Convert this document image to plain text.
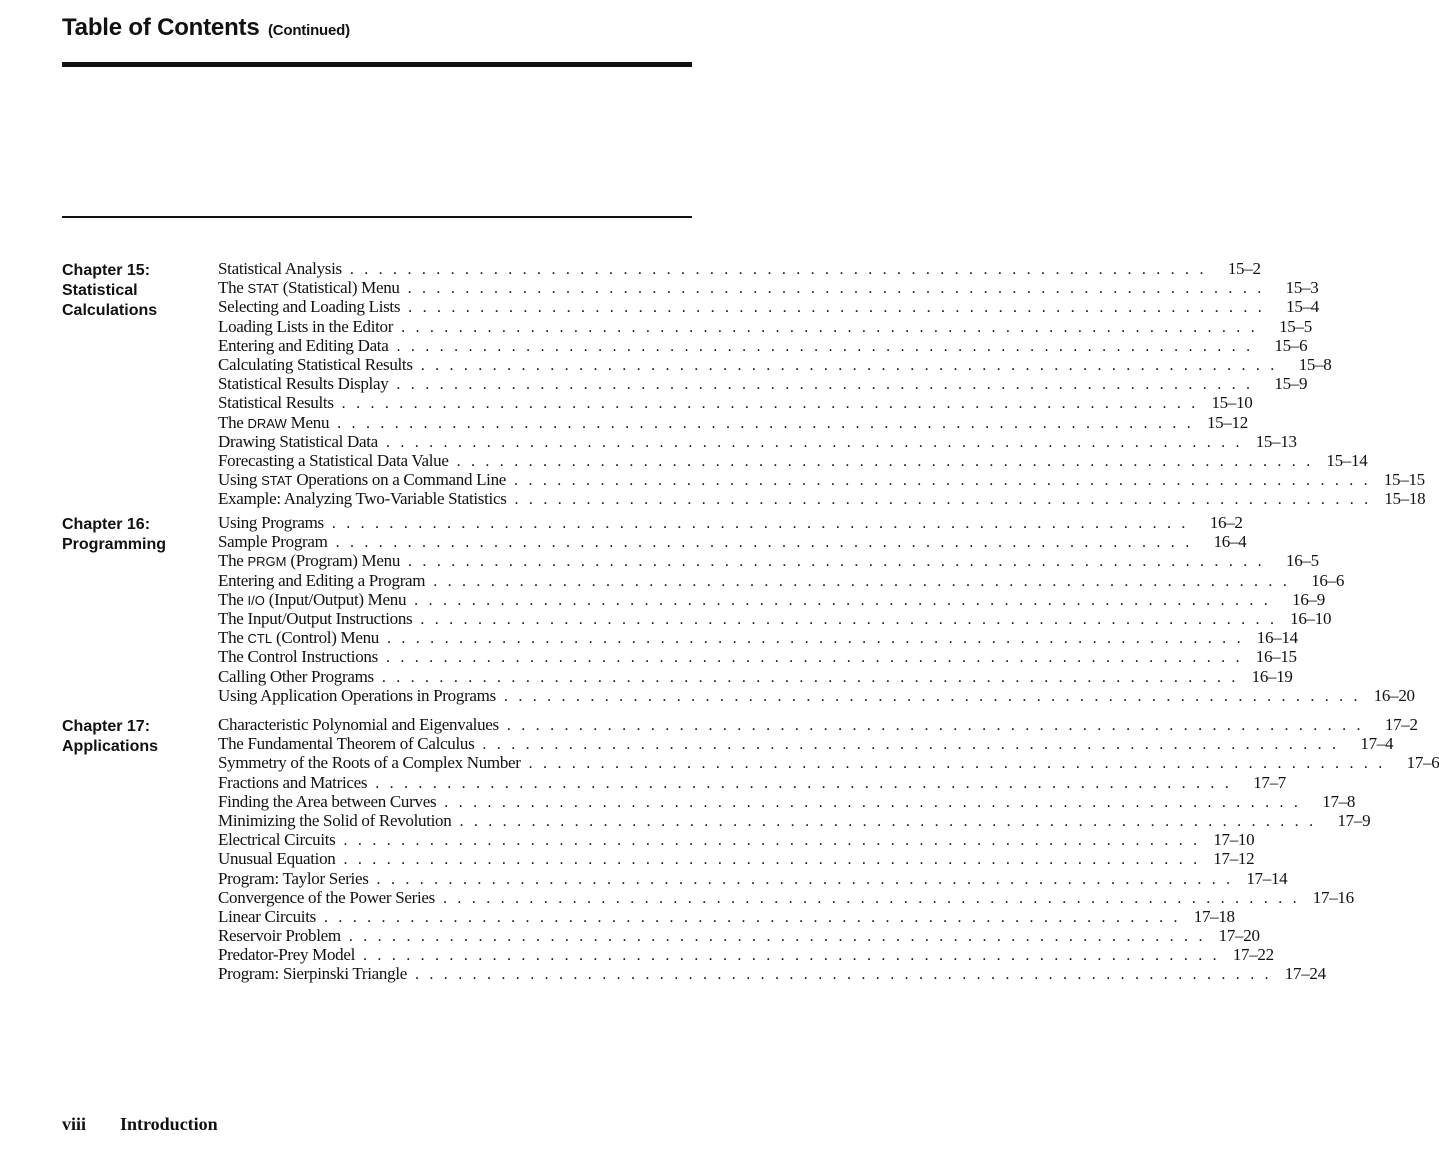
Table of Contents (Continued)
Chapter 15:
Statistical
Calculations
Statistical Analysis . . . . . . . . . . . . . . . . . . . . . . . . . . . . . . . . . . . . . . . . . . . . . . . . . . . . . . . . . . . .	15–2
The STAT (Statistical) Menu . . . . . . . . . . . . . . . . . . . . . . . . . . . . . . . . . . . . . . . . . . . . . . . . . . . . . . . . . . . .	15–3
Selecting and Loading Lists . . . . . . . . . . . . . . . . . . . . . . . . . . . . . . . . . . . . . . . . . . . . . . . . . . . . . . . . . . . .	15–4
Loading Lists in the Editor . . . . . . . . . . . . . . . . . . . . . . . . . . . . . . . . . . . . . . . . . . . . . . . . . . . . . . . . . . . .	15–5
Entering and Editing Data . . . . . . . . . . . . . . . . . . . . . . . . . . . . . . . . . . . . . . . . . . . . . . . . . . . . . . . . . . . .	15–6
Calculating Statistical Results . . . . . . . . . . . . . . . . . . . . . . . . . . . . . . . . . . . . . . . . . . . . . . . . . . . . . . . . . . . .	15–8
Statistical Results Display . . . . . . . . . . . . . . . . . . . . . . . . . . . . . . . . . . . . . . . . . . . . . . . . . . . . . . . . . . . .	15–9
Statistical Results . . . . . . . . . . . . . . . . . . . . . . . . . . . . . . . . . . . . . . . . . . . . . . . . . . . . . . . . . . . . 15–10
The DRAW Menu . . . . . . . . . . . . . . . . . . . . . . . . . . . . . . . . . . . . . . . . . . . . . . . . . . . . . . . . . . . . 15–12
Drawing Statistical Data . . . . . . . . . . . . . . . . . . . . . . . . . . . . . . . . . . . . . . . . . . . . . . . . . . . . . . . . . . . . 15–13
Forecasting a Statistical Data Value . . . . . . . . . . . . . . . . . . . . . . . . . . . . . . . . . . . . . . . . . . . . . . . . . . . . . . . . . . . . 15–14
Using STAT Operations on a Command Line . . . . . . . . . . . . . . . . . . . . . . . . . . . . . . . . . . . . . . . . . . . . . . . . . . . . . . . . . . . . 15–15
Example: Analyzing Two-Variable Statistics . . . . . . . . . . . . . . . . . . . . . . . . . . . . . . . . . . . . . . . . . . . . . . . . . . . . . . . . . . . . 15–18
Chapter 16:
Programming
Using Programs . . . . . . . . . . . . . . . . . . . . . . . . . . . . . . . . . . . . . . . . . . . . . . . . . . . . . . . . . . . .	16–2
Sample Program . . . . . . . . . . . . . . . . . . . . . . . . . . . . . . . . . . . . . . . . . . . . . . . . . . . . . . . . . . . .	16–4
The PRGM (Program) Menu . . . . . . . . . . . . . . . . . . . . . . . . . . . . . . . . . . . . . . . . . . . . . . . . . . . . . . . . . . . .	16–5
Entering and Editing a Program . . . . . . . . . . . . . . . . . . . . . . . . . . . . . . . . . . . . . . . . . . . . . . . . . . . . . . . . . . . .	16–6
The I/O (Input/Output) Menu . . . . . . . . . . . . . . . . . . . . . . . . . . . . . . . . . . . . . . . . . . . . . . . . . . . . . . . . . . . .	16–9
The Input/Output Instructions . . . . . . . . . . . . . . . . . . . . . . . . . . . . . . . . . . . . . . . . . . . . . . . . . . . . . . . . . . . . 16–10
The CTL (Control) Menu . . . . . . . . . . . . . . . . . . . . . . . . . . . . . . . . . . . . . . . . . . . . . . . . . . . . . . . . . . . . 16–14
The Control Instructions . . . . . . . . . . . . . . . . . . . . . . . . . . . . . . . . . . . . . . . . . . . . . . . . . . . . . . . . . . . . 16–15
Calling Other Programs . . . . . . . . . . . . . . . . . . . . . . . . . . . . . . . . . . . . . . . . . . . . . . . . . . . . . . . . . . . . 16–19
Using Application Operations in Programs . . . . . . . . . . . . . . . . . . . . . . . . . . . . . . . . . . . . . . . . . . . . . . . . . . . . . . . . . . . . 16–20
Chapter 17:
Applications
Characteristic Polynomial and Eigenvalues . . . . . . . . . . . . . . . . . . . . . . . . . . . . . . . . . . . . . . . . . . . . . . . . . . . . . . . . . . . .	17–2
The Fundamental Theorem of Calculus . . . . . . . . . . . . . . . . . . . . . . . . . . . . . . . . . . . . . . . . . . . . . . . . . . . . . . . . . . . .	17–4
Symmetry of the Roots of a Complex Number . . . . . . . . . . . . . . . . . . . . . . . . . . . . . . . . . . . . . . . . . . . . . . . . . . . . . . . . . . . .	17–6
Fractions and Matrices . . . . . . . . . . . . . . . . . . . . . . . . . . . . . . . . . . . . . . . . . . . . . . . . . . . . . . . . . . . .	17–7
Finding the Area between Curves . . . . . . . . . . . . . . . . . . . . . . . . . . . . . . . . . . . . . . . . . . . . . . . . . . . . . . . . . . . .	17–8
Minimizing the Solid of Revolution . . . . . . . . . . . . . . . . . . . . . . . . . . . . . . . . . . . . . . . . . . . . . . . . . . . . . . . . . . . .	17–9
Electrical Circuits . . . . . . . . . . . . . . . . . . . . . . . . . . . . . . . . . . . . . . . . . . . . . . . . . . . . . . . . . . . . 17–10
Unusual Equation . . . . . . . . . . . . . . . . . . . . . . . . . . . . . . . . . . . . . . . . . . . . . . . . . . . . . . . . . . . . 17–12
Program: Taylor Series . . . . . . . . . . . . . . . . . . . . . . . . . . . . . . . . . . . . . . . . . . . . . . . . . . . . . . . . . . . . 17–14
Convergence of the Power Series . . . . . . . . . . . . . . . . . . . . . . . . . . . . . . . . . . . . . . . . . . . . . . . . . . . . . . . . . . . . 17–16
Linear Circuits . . . . . . . . . . . . . . . . . . . . . . . . . . . . . . . . . . . . . . . . . . . . . . . . . . . . . . . . . . . . 17–18
Reservoir Problem . . . . . . . . . . . . . . . . . . . . . . . . . . . . . . . . . . . . . . . . . . . . . . . . . . . . . . . . . . . . 17–20
Predator-Prey Model . . . . . . . . . . . . . . . . . . . . . . . . . . . . . . . . . . . . . . . . . . . . . . . . . . . . . . . . . . . . 17–22
Program: Sierpinski Triangle . . . . . . . . . . . . . . . . . . . . . . . . . . . . . . . . . . . . . . . . . . . . . . . . . . . . . . . . . . . . 17–24
viii Introduction
